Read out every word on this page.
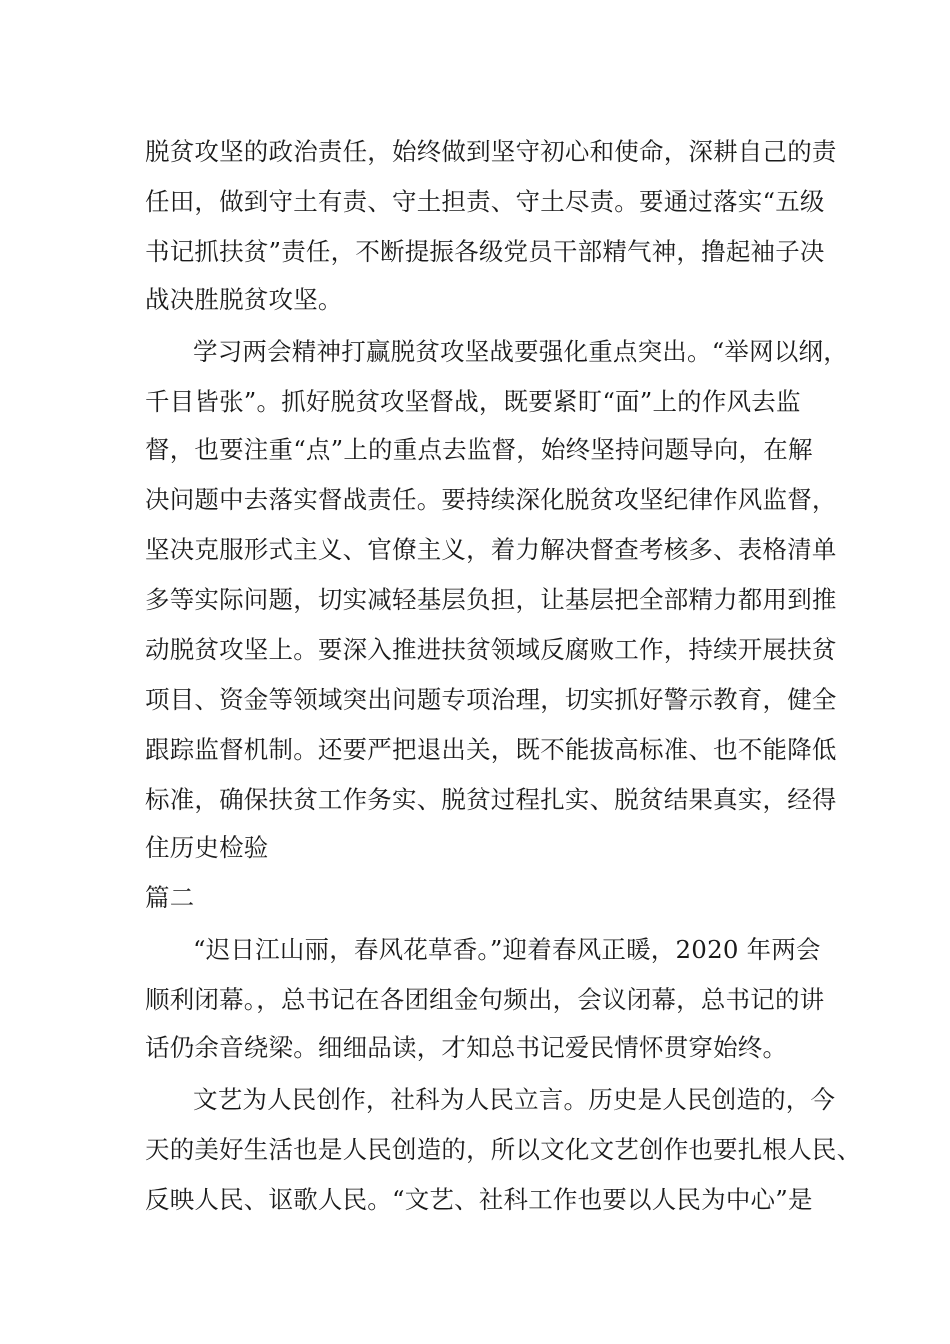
脱贫攻坚的政治责任，始终做到坚守初心和使命，深耕自己的责
任田，做到守土有责、守土担责、守土尽责。要通过落实“五级
书记抓扶贫”责任，不断提振各级党员干部精气神，撸起袖子决
战决胜脱贫攻坚。
学习两会精神打赢脱贫攻坚战要强化重点突出。“举网以纲，
千目皆张”。抓好脱贫攻坚督战，既要紧盯“面”上的作风去监
督，也要注重“点”上的重点去监督，始终坚持问题导向，在解
决问题中去落实督战责任。要持续深化脱贫攻坚纪律作风监督，
坚决克服形式主义、官僚主义，着力解决督查考核多、表格清单
多等实际问题，切实减轻基层负担，让基层把全部精力都用到推
动脱贫攻坚上。要深入推进扶贫领域反腐败工作，持续开展扶贫
项目、资金等领域突出问题专项治理，切实抓好警示教育，健全
跟踪监督机制。还要严把退出关，既不能拔高标准、也不能降低
标准，确保扶贫工作务实、脱贫过程扎实、脱贫结果真实，经得
住历史检验
篇二
“迟日江山丽，春风花草香。”迎着春风正暖，2020 年两会
顺利闭幕。，总书记在各团组金句频出，会议闭幕，总书记的讲
话仍余音绕梁。细细品读，才知总书记爱民情怀贯穿始终。
文艺为人民创作，社科为人民立言。历史是人民创造的，今
天的美好生活也是人民创造的，所以文化文艺创作也要扎根人民、
反映人民、讴歌人民。“文艺、社科工作也要以人民为中心”是
